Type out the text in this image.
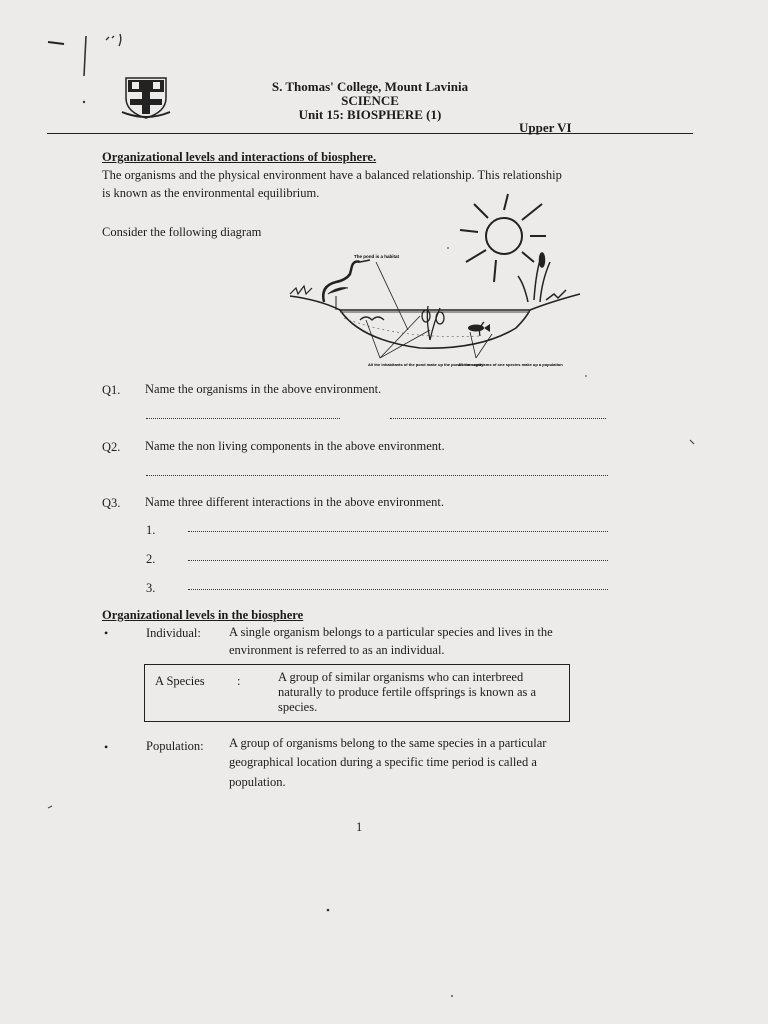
S. Thomas' College, Mount Lavinia
SCIENCE
Unit 15: BIOSPHERE (1)
Upper VI
Organizational levels and interactions of biosphere.
The organisms and the physical environment have a balanced relationship. This relationship
is known as the environmental equilibrium.
Consider the following diagram
The pond is a habitat
All the inhabitants of the pond make up the pond community
All the organisms of one species make up a population
Q1. Name the organisms in the above environment.
Q2. Name the non living components in the above environment.
Q3. Name three different interactions in the above environment.
1.
2.
3.
Organizational levels in the biosphere
•	Individual: A single organism belongs to a particular species and lives in the
environment is referred to as an individual.
A Species	:	A group of similar organisms who can interbreed
naturally to produce fertile offsprings is known as a
species.
•	Population: A group of organisms belong to the same species in a particular
geographical location during a specific time period is called a
population.
1
